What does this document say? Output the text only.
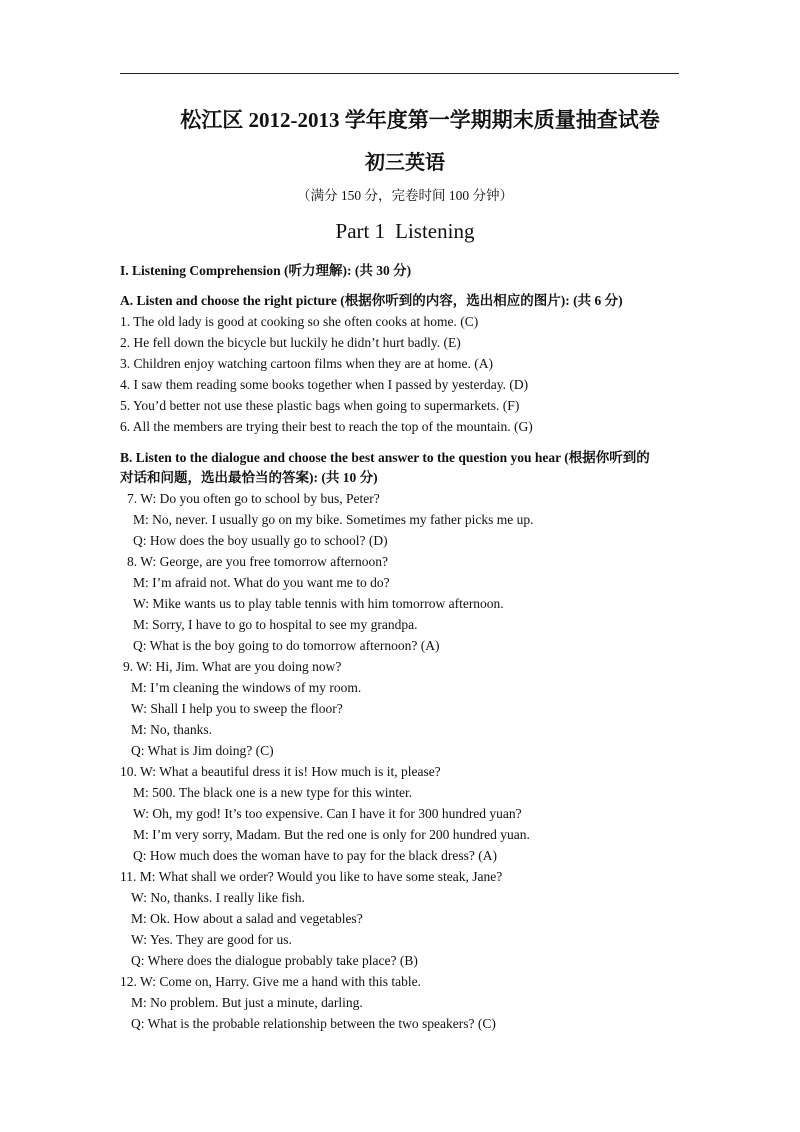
松江区 2012-2013 学年度第一学期期末质量抽查试卷
初三英语
（满分 150 分，完卷时间 100 分钟）
Part 1 Listening
I. Listening Comprehension (听力理解): (共 30 分)
A. Listen and choose the right picture (根据你听到的内容，选出相应的图片): (共 6 分)
1. The old lady is good at cooking so she often cooks at home. (C)
2. He fell down the bicycle but luckily he didn’t hurt badly. (E)
3. Children enjoy watching cartoon films when they are at home. (A)
4. I saw them reading some books together when I passed by yesterday. (D)
5. You’d better not use these plastic bags when going to supermarkets. (F)
6. All the members are trying their best to reach the top of the mountain. (G)
B. Listen to the dialogue and choose the best answer to the question you hear (根据你听到的
对话和问题，选出最恰当的答案): (共 10 分)
7. W: Do you often go to school by bus, Peter?
M: No, never. I usually go on my bike. Sometimes my father picks me up.
Q: How does the boy usually go to school? (D)
8. W: George, are you free tomorrow afternoon?
M: I’m afraid not. What do you want me to do?
W: Mike wants us to play table tennis with him tomorrow afternoon.
M: Sorry, I have to go to hospital to see my grandpa.
Q: What is the boy going to do tomorrow afternoon? (A)
9. W: Hi, Jim. What are you doing now?
M: I’m cleaning the windows of my room.
W: Shall I help you to sweep the floor?
M: No, thanks.
Q: What is Jim doing? (C)
10. W: What a beautiful dress it is! How much is it, please?
M: 500. The black one is a new type for this winter.
W: Oh, my god! It’s too expensive. Can I have it for 300 hundred yuan?
M: I’m very sorry, Madam. But the red one is only for 200 hundred yuan.
Q: How much does the woman have to pay for the black dress? (A)
11. M: What shall we order? Would you like to have some steak, Jane?
W: No, thanks. I really like fish.
M: Ok. How about a salad and vegetables?
W: Yes. They are good for us.
Q: Where does the dialogue probably take place? (B)
12. W: Come on, Harry. Give me a hand with this table.
M: No problem. But just a minute, darling.
Q: What is the probable relationship between the two speakers? (C)
